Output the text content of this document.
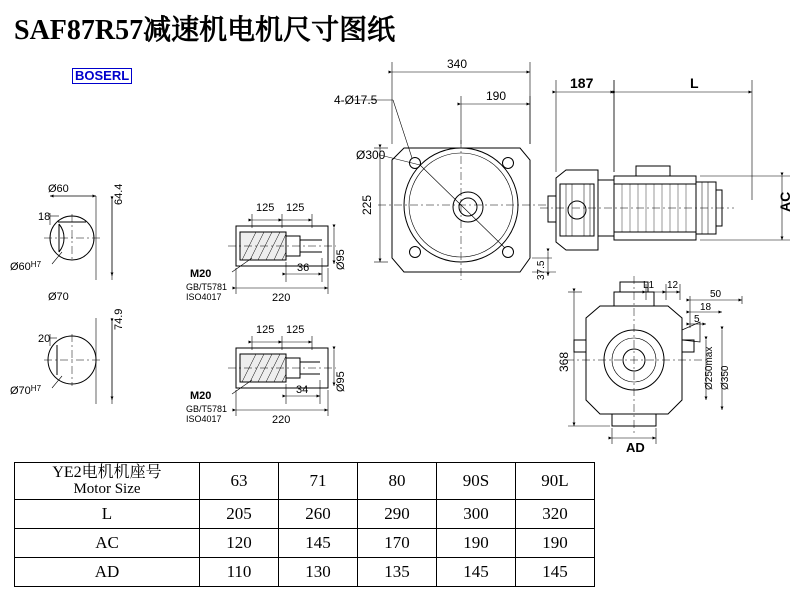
SAF87R57减速机电机尺寸图纸
BOSERL
Ø60
18
64.4
$Ø60^{H7}$
Ø70
20
74.9
$Ø70^{H7}$
125 125
36
220
Ø95
M20
GB/T5781
ISO4017
125 125
34
220
Ø95
M20
GB/T5781
ISO4017
340
190
4-Ø17.5
Ø300
225
37.5
187	L
AC
L1 12
50
18
5
368	Ø250max Ø350
AD
YE2电机机座号
Motor Size	63	71	80	90S	90L
L	205	260	290	300	320
AC	120	145	170	190	190
AD	110	130	135	145	145
